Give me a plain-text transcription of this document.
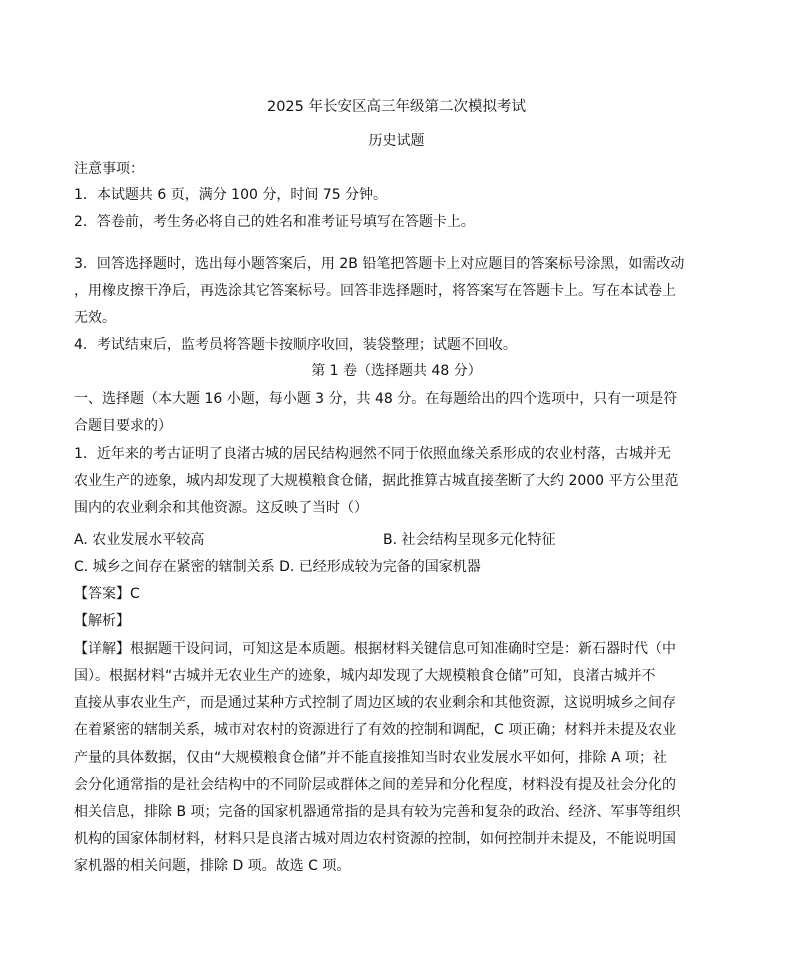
2025 年长安区高三年级第二次模拟考试
历史试题
注意事项：
1．本试题共 6 页，满分 100 分，时间 75 分钟。
2．答卷前，考生务必将自己的姓名和准考证号填写在答题卡上。
3．回答选择题时，选出每小题答案后，用 2B 铅笔把答题卡上对应题目的答案标号涂黑，如需改动
，用橡皮擦干净后，再选涂其它答案标号。回答非选择题时，将答案写在答题卡上。写在本试卷上
无效。
4．考试结束后，监考员将答题卡按顺序收回，装袋整理；试题不回收。
第 1 卷（选择题共 48 分）
一、选择题（本大题 16 小题，每小题 3 分，共 48 分。在每题给出的四个选项中，只有一项是符
合题目要求的）
1．近年来的考古证明了良渚古城的居民结构迥然不同于依照血缘关系形成的农业村落，古城并无
农业生产的迹象，城内却发现了大规模粮食仓储，据此推算古城直接垄断了大约 2000 平方公里范
围内的农业剩余和其他资源。这反映了当时（）
A. 农业发展水平较高	B. 社会结构呈现多元化特征
C. 城乡之间存在紧密的辖制关系 D. 已经形成较为完备的国家机器
【答案】C
【解析】
【详解】根据题干设问词，可知这是本质题。根据材料关键信息可知准确时空是：新石器时代（中
国）。根据材料“古城并无农业生产的迹象，城内却发现了大规模粮食仓储”可知，良渚古城并不
直接从事农业生产，而是通过某种方式控制了周边区域的农业剩余和其他资源，这说明城乡之间存
在着紧密的辖制关系，城市对农村的资源进行了有效的控制和调配，C 项正确；材料并未提及农业
产量的具体数据，仅由“大规模粮食仓储”并不能直接推知当时农业发展水平如何，排除 A 项；社
会分化通常指的是社会结构中的不同阶层或群体之间的差异和分化程度，材料没有提及社会分化的
相关信息，排除 B 项；完备的国家机器通常指的是具有较为完善和复杂的政治、经济、军事等组织
机构的国家体制材料，材料只是良渚古城对周边农村资源的控制，如何控制并未提及，不能说明国
家机器的相关问题，排除 D 项。故选 C 项。
